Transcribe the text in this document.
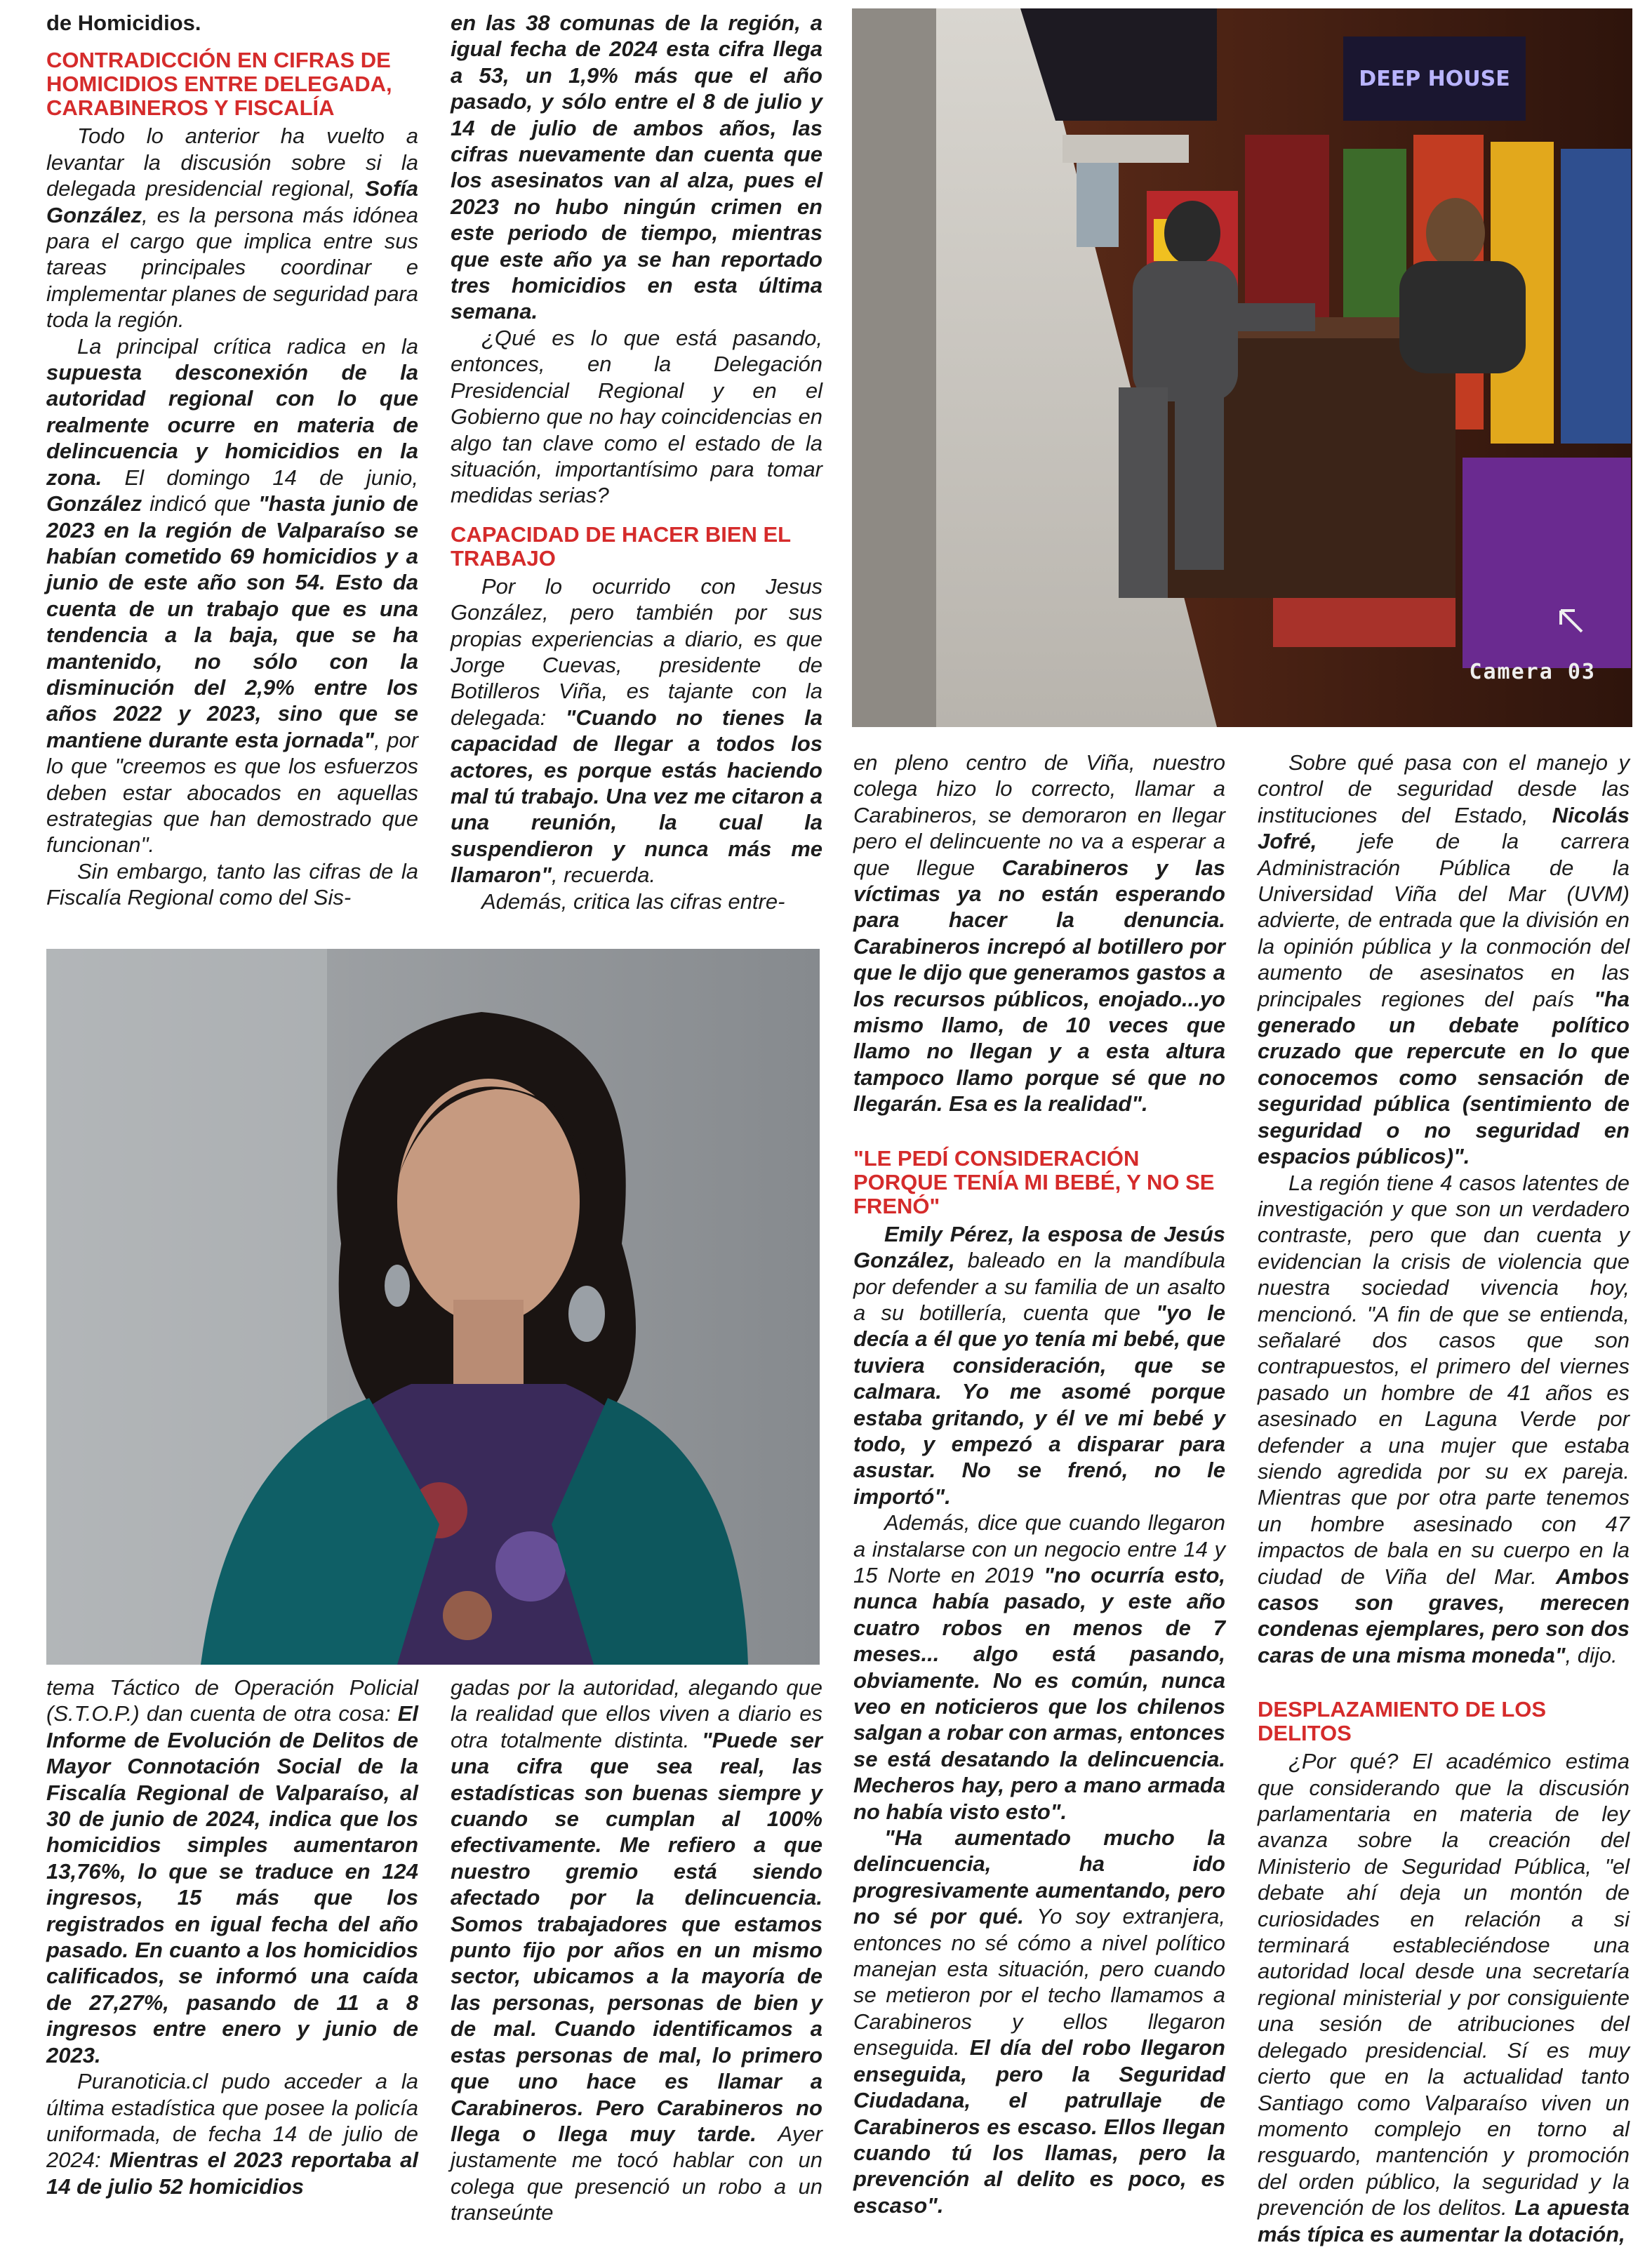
de Homicidios.

CONTRADICCIÓN EN CIFRAS DE HOMICIDIOS ENTRE DELEGADA, CARABINEROS Y FISCALÍA

Todo lo anterior ha vuelto a levantar la discusión sobre si la delegada presidencial regional, Sofía González, es la persona más idónea para el cargo que implica entre sus tareas principales coordinar e implementar planes de seguridad para toda la región.

La principal crítica radica en la supuesta desconexión de la autoridad regional con lo que realmente ocurre en materia de delincuencia y homicidios en la zona. El domingo 14 de junio, González indicó que "hasta junio de 2023 en la región de Valparaíso se habían cometido 69 homicidios y a junio de este año son 54. Esto da cuenta de un trabajo que es una tendencia a la baja, que se ha mantenido, no sólo con la disminución del 2,9% entre los años 2022 y 2023, sino que se mantiene durante esta jornada", por lo que "creemos es que los esfuerzos deben estar abocados en aquellas estrategias que han demostrado que funcionan".

Sin embargo, tanto las cifras de la Fiscalía Regional como del Sis-

en las 38 comunas de la región, a igual fecha de 2024 esta cifra llega a 53, un 1,9% más que el año pasado, y sólo entre el 8 de julio y 14 de julio de ambos años, las cifras nuevamente dan cuenta que los asesinatos van al alza, pues el 2023 no hubo ningún crimen en este periodo de tiempo, mientras que este año ya se han reportado tres homicidios en esta última semana.

¿Qué es lo que está pasando, entonces, en la Delegación Presidencial Regional y en el Gobierno que no hay coincidencias en algo tan clave como el estado de la situación, importantísimo para tomar medidas serias?

CAPACIDAD DE HACER BIEN EL TRABAJO

Por lo ocurrido con Jesus González, pero también por sus propias experiencias a diario, es que Jorge Cuevas, presidente de Botilleros Viña, es tajante con la delegada: "Cuando no tienes la capacidad de llegar a todos los actores, es porque estás haciendo mal tú trabajo. Una vez me citaron a una reunión, la cual la suspendieron y nunca más me llamaron", recuerda.

Además, critica las cifras entre-

DEEP HOUSE
Camera 03

tema Táctico de Operación Policial (S.T.O.P.) dan cuenta de otra cosa: El Informe de Evolución de Delitos de Mayor Connotación Social de la Fiscalía Regional de Valparaíso, al 30 de junio de 2024, indica que los homicidios simples aumentaron 13,76%, lo que se traduce en 124 ingresos, 15 más que los registrados en igual fecha del año pasado. En cuanto a los homicidios calificados, se informó una caída de 27,27%, pasando de 11 a 8 ingresos entre enero y junio de 2023.

Puranoticia.cl pudo acceder a la última estadística que posee la policía uniformada, de fecha 14 de julio de 2024: Mientras el 2023 reportaba al 14 de julio 52 homicidios

gadas por la autoridad, alegando que la realidad que ellos viven a diario es otra totalmente distinta. "Puede ser una cifra que sea real, las estadísticas son buenas siempre y cuando se cumplan al 100% efectivamente. Me refiero a que nuestro gremio está siendo afectado por la delincuencia. Somos trabajadores que estamos punto fijo por años en un mismo sector, ubicamos a la mayoría de las personas, personas de bien y de mal. Cuando identificamos a estas personas de mal, lo primero que uno hace es llamar a Carabineros. Pero Carabineros no llega o llega muy tarde. Ayer justamente me tocó hablar con un colega que presenció un robo a un transeúnte

en pleno centro de Viña, nuestro colega hizo lo correcto, llamar a Carabineros, se demoraron en llegar pero el delincuente no va a esperar a que llegue Carabineros y las víctimas ya no están esperando para hacer la denuncia. Carabineros increpó al botillero por que le dijo que generamos gastos a los recursos públicos, enojado...yo mismo llamo, de 10 veces que llamo no llegan y a esta altura tampoco llamo porque sé que no llegarán. Esa es la realidad".

"LE PEDÍ CONSIDERACIÓN PORQUE TENÍA MI BEBÉ, Y NO SE FRENÓ"

Emily Pérez, la esposa de Jesús González, baleado en la mandíbula por defender a su familia de un asalto a su botillería, cuenta que "yo le decía a él que yo tenía mi bebé, que tuviera consideración, que se calmara. Yo me asomé porque estaba gritando, y él ve mi bebé y todo, y empezó a disparar para asustar. No se frenó, no le importó".

Además, dice que cuando llegaron a instalarse con un negocio entre 14 y 15 Norte en 2019 "no ocurría esto, nunca había pasado, y este año cuatro robos en menos de 7 meses... algo está pasando, obviamente. No es común, nunca veo en noticieros que los chilenos salgan a robar con armas, entonces se está desatando la delincuencia. Mecheros hay, pero a mano armada no había visto esto".

"Ha aumentado mucho la delincuencia, ha ido progresivamente aumentando, pero no sé por qué. Yo soy extranjera, entonces no sé cómo a nivel político manejan esta situación, pero cuando se metieron por el techo llamamos a Carabineros y ellos llegaron enseguida. El día del robo llegaron enseguida, pero la Seguridad Ciudadana, el patrullaje de Carabineros es escaso. Ellos llegan cuando tú los llamas, pero la prevención al delito es poco, es escaso".

Sobre qué pasa con el manejo y control de seguridad desde las instituciones del Estado, Nicolás Jofré, jefe de la carrera Administración Pública de la Universidad Viña del Mar (UVM) advierte, de entrada que la división en la opinión pública y la conmoción del aumento de asesinatos en las principales regiones del país "ha generado un debate político cruzado que repercute en lo que conocemos como sensación de seguridad pública (sentimiento de seguridad o no seguridad en espacios públicos)".

La región tiene 4 casos latentes de investigación y que son un verdadero contraste, pero que dan cuenta y evidencian la crisis de violencia que nuestra sociedad vivencia hoy, mencionó. "A fin de que se entienda, señalaré dos casos que son contrapuestos, el primero del viernes pasado un hombre de 41 años es asesinado en Laguna Verde por defender a una mujer que estaba siendo agredida por su ex pareja. Mientras que por otra parte tenemos un hombre asesinado con 47 impactos de bala en su cuerpo en la ciudad de Viña del Mar. Ambos casos son graves, merecen condenas ejemplares, pero son dos caras de una misma moneda", dijo.

DESPLAZAMIENTO DE LOS DELITOS

¿Por qué? El académico estima que considerando que la discusión parlamentaria en materia de ley avanza sobre la creación del Ministerio de Seguridad Pública, "el debate ahí deja un montón de curiosidades en relación a si terminará estableciéndose una autoridad local desde una secretaría regional ministerial y por consiguiente una sesión de atribuciones del delegado presidencial. Sí es muy cierto que en la actualidad tanto Santiago como Valparaíso viven un momento complejo en torno al resguardo, mantención y promoción del orden público, la seguridad y la prevención de los delitos. La apuesta más típica es aumentar la dotación,
